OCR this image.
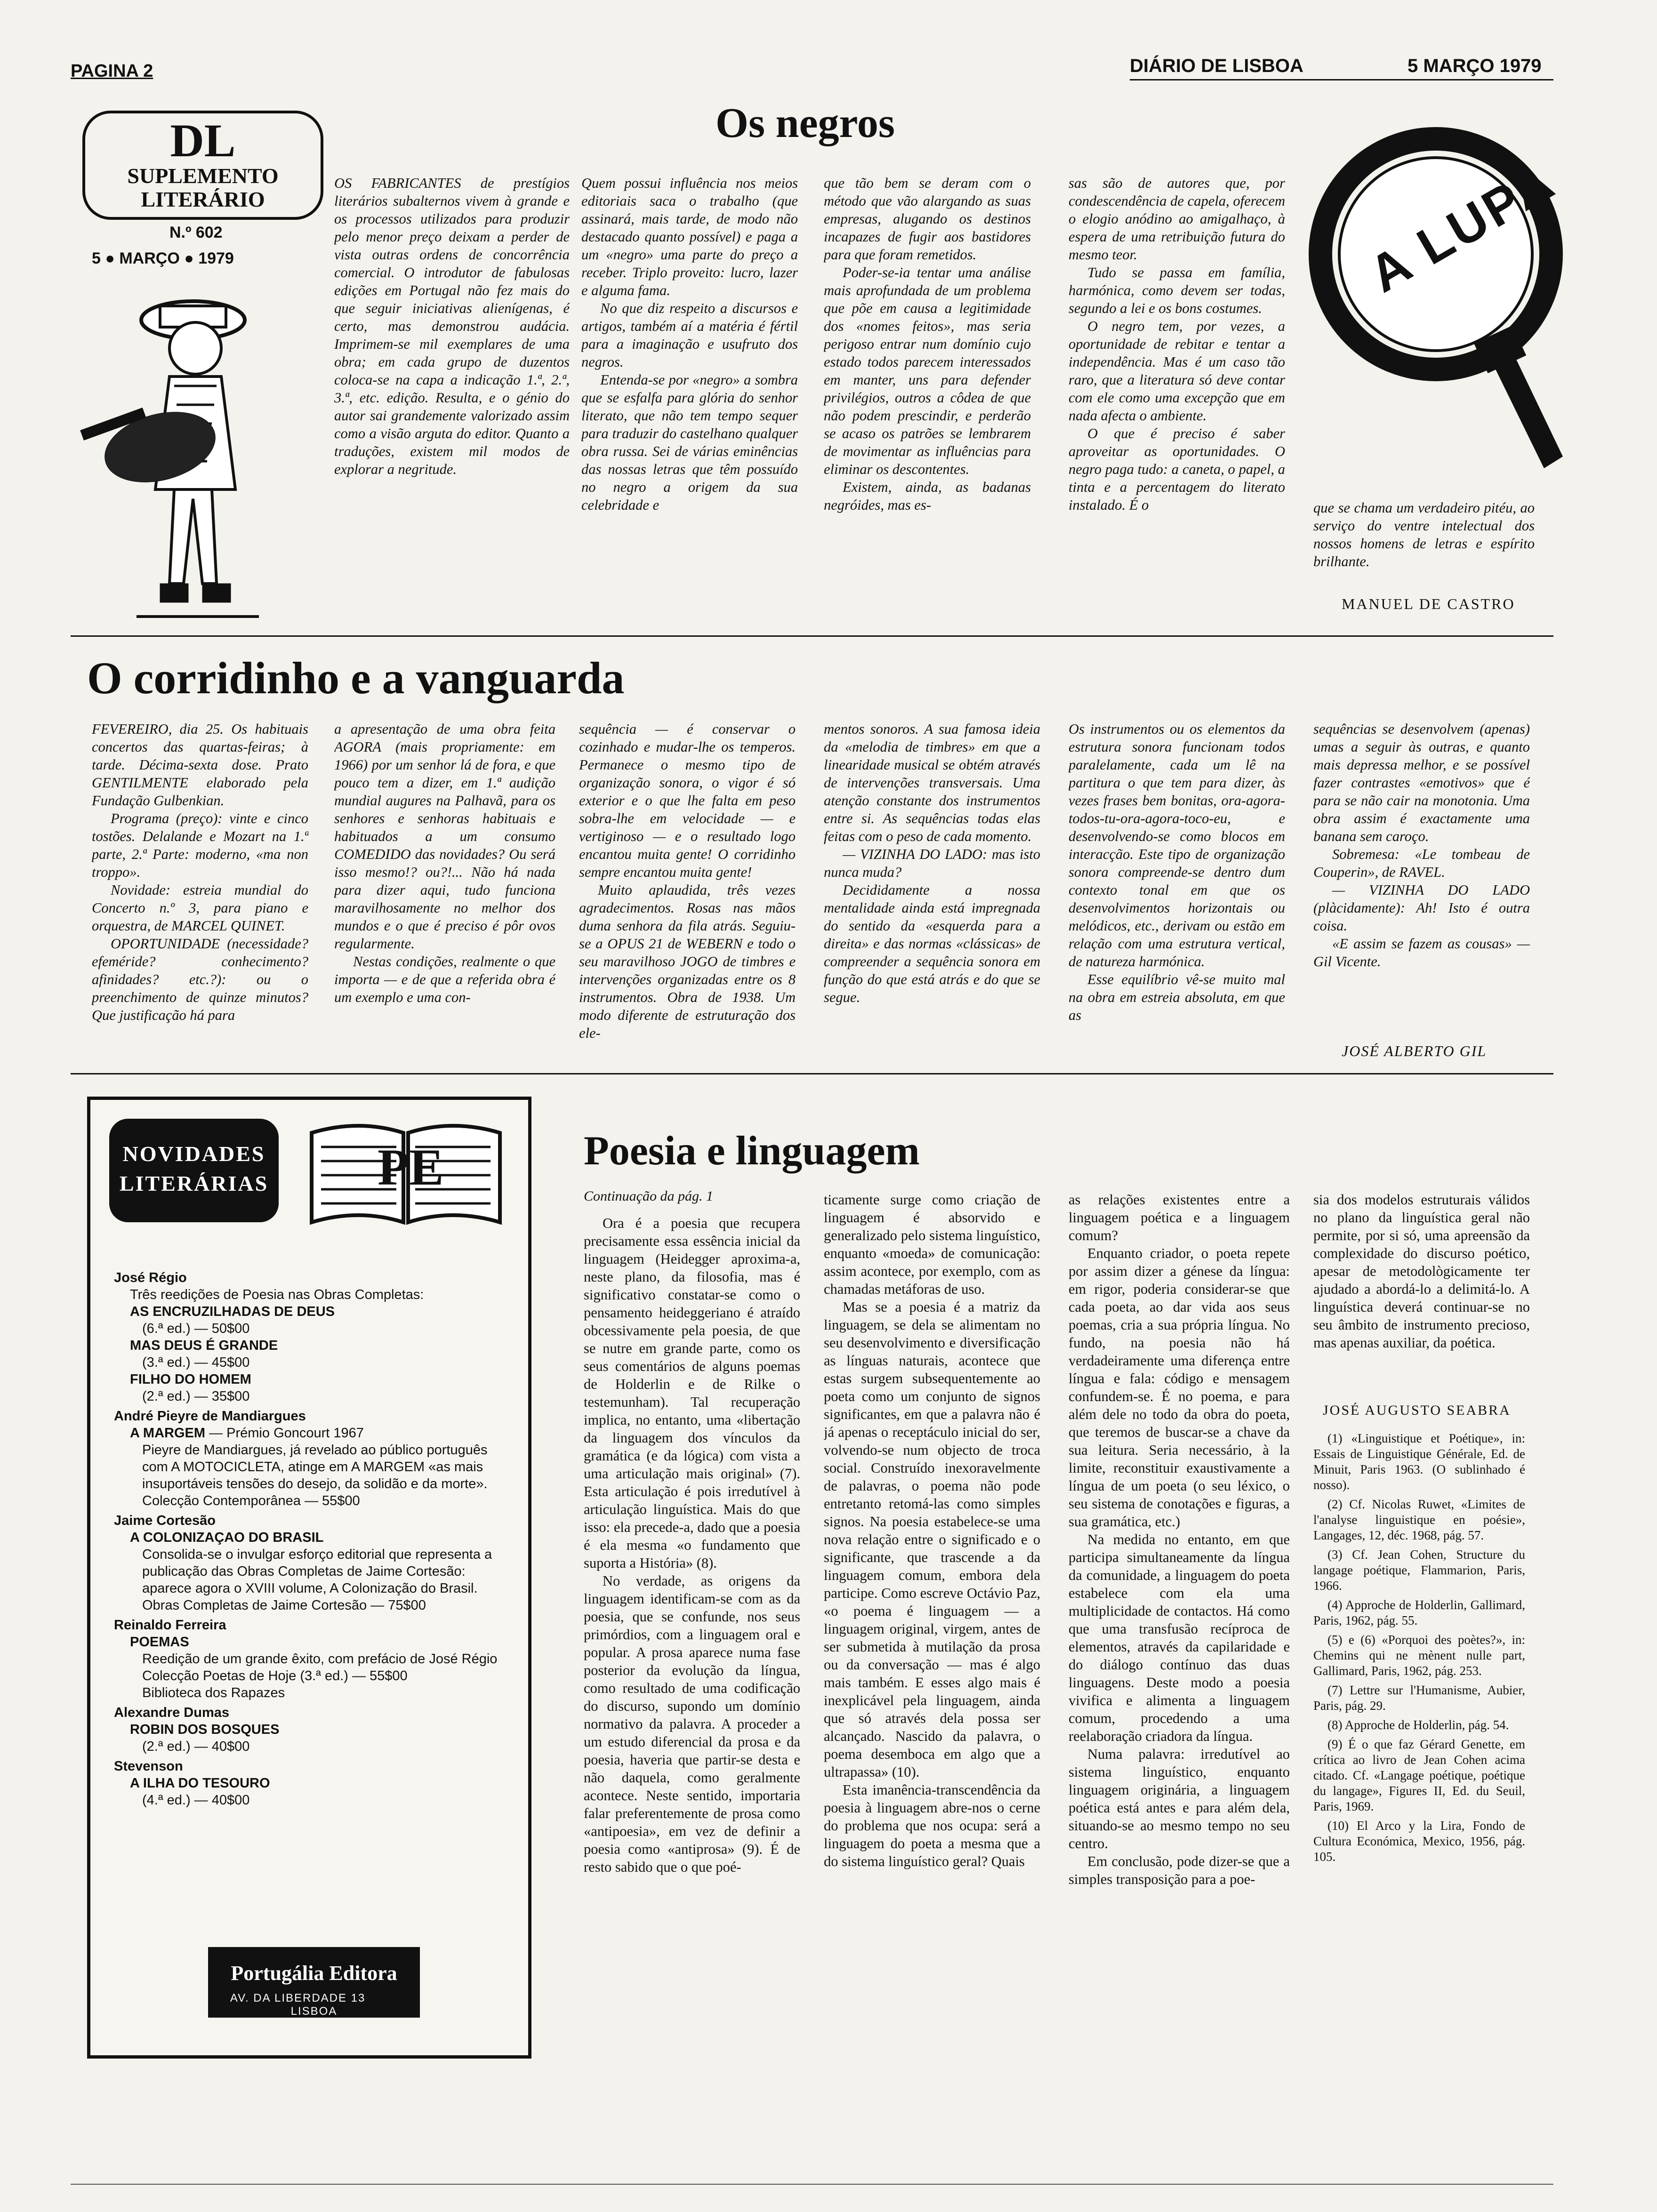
PAGINA 2	DIÁRIO DE LISBOA	5 MARÇO 1979
DL
SUPLEMENTO
LITERÁRIO
N.º 602
5 ● MARÇO ● 1979
Os negros

OS FABRICANTES de prestígios literários subalternos vivem à grande e os processos utilizados para produzir pelo menor preço deixam a perder de vista outras ordens de concorrência comercial. O introdutor de fabulosas edições em Portugal não fez mais do que seguir iniciativas alienígenas, é certo, mas demonstrou audácia. Imprimem-se mil exemplares de uma obra; em cada grupo de duzentos coloca-se na capa a indicação 1.ª, 2.ª, 3.ª, etc. edição. Resulta, e o génio do autor sai grandemente valorizado assim como a visão arguta do editor. Quanto a traduções, existem mil modos de explorar a negritude.

Quem possui influência nos meios editoriais saca o trabalho (que assinará, mais tarde, de modo não destacado quanto possível) e paga a um «negro» uma parte do preço a receber. Triplo proveito: lucro, lazer e alguma fama.

No que diz respeito a discursos e artigos, também aí a matéria é fértil para a imaginação e usufruto dos negros.

Entenda-se por «negro» a sombra que se esfalfa para glória do senhor literato, que não tem tempo sequer para traduzir do castelhano qualquer obra russa. Sei de várias eminências das nossas letras que têm possuído no negro a origem da sua celebridade e

que tão bem se deram com o método que vão alargando as suas empresas, alugando os destinos incapazes de fugir aos bastidores para que foram remetidos.

Poder-se-ia tentar uma análise mais aprofundada de um problema que põe em causa a legitimidade dos «nomes feitos», mas seria perigoso entrar num domínio cujo estado todos parecem interessados em manter, uns para defender privilégios, outros a côdea de que não podem prescindir, e perderão se acaso os patrões se lembrarem de movimentar as influências para eliminar os descontentes.

Existem, ainda, as badanas negróides, mas es-

sas são de autores que, por condescendência de capela, oferecem o elogio anódino ao amigalhaço, à espera de uma retribuição futura do mesmo teor.

Tudo se passa em família, harmónica, como devem ser todas, segundo a lei e os bons costumes.

O negro tem, por vezes, a oportunidade de rebitar e tentar a independência. Mas é um caso tão raro, que a literatura só deve contar com ele como uma excepção que em nada afecta o ambiente.

O que é preciso é saber aproveitar as oportunidades. O negro paga tudo: a caneta, o papel, a tinta e a percentagem do literato instalado. É o

A LUPA

que se chama um verdadeiro pitéu, ao serviço do ventre intelectual dos nossos homens de letras e espírito brilhante.

MANUEL DE CASTRO
O corridinho e a vanguarda

FEVEREIRO, dia 25. Os habituais concertos das quartas-feiras; à tarde. Décima-sexta dose. Prato GENTILMENTE elaborado pela Fundação Gulbenkian.

Programa (preço): vinte e cinco tostões. Delalande e Mozart na 1.ª parte, 2.ª Parte: moderno, «ma non troppo».

Novidade: estreia mundial do Concerto n.º 3, para piano e orquestra, de MARCEL QUINET.

OPORTUNIDADE (necessidade? efeméride? conhecimento? afinidades? etc.?): ou o preenchimento de quinze minutos? Que justificação há para

a apresentação de uma obra feita AGORA (mais propriamente: em 1966) por um senhor lá de fora, e que pouco tem a dizer, em 1.ª audição mundial augures na Palhavã, para os senhores e senhoras habituais e habituados a um consumo COMEDIDO das novidades? Ou será isso mesmo!? ou?!... Não há nada para dizer aqui, tudo funciona maravilhosamente no melhor dos mundos e o que é preciso é pôr ovos regularmente.

Nestas condições, realmente o que importa — e de que a referida obra é um exemplo e uma con-

sequência — é conservar o cozinhado e mudar-lhe os temperos. Permanece o mesmo tipo de organização sonora, o vigor é só exterior e o que lhe falta em peso sobra-lhe em velocidade — e vertiginoso — e o resultado logo encantou muita gente! O corridinho sempre encantou muita gente!

Muito aplaudida, três vezes agradecimentos. Rosas nas mãos duma senhora da fila atrás. Seguiu-se a OPUS 21 de WEBERN e todo o seu maravilhoso JOGO de timbres e intervenções organizadas entre os 8 instrumentos. Obra de 1938. Um modo diferente de estruturação dos ele-

mentos sonoros. A sua famosa ideia da «melodia de timbres» em que a linearidade musical se obtém através de intervenções transversais. Uma atenção constante dos instrumentos entre si. As sequências todas elas feitas com o peso de cada momento.

— VIZINHA DO LADO: mas isto nunca muda?

Decididamente a nossa mentalidade ainda está impregnada do sentido da «esquerda para a direita» e das normas «clássicas» de compreender a sequência sonora em função do que está atrás e do que se segue.

Os instrumentos ou os elementos da estrutura sonora funcionam todos paralelamente, cada um lê na partitura o que tem para dizer, às vezes frases bem bonitas, ora-agora-todos-tu-ora-agora-toco-eu, e desenvolvendo-se como blocos em interacção. Este tipo de organização sonora compreende-se dentro dum contexto tonal em que os desenvolvimentos horizontais ou melódicos, etc., derivam ou estão em relação com uma estrutura vertical, de natureza harmónica.

Esse equilíbrio vê-se muito mal na obra em estreia absoluta, em que as

sequências se desenvolvem (apenas) umas a seguir às outras, e quanto mais depressa melhor, e se possível fazer contrastes «emotivos» que é para se não cair na monotonia. Uma obra assim é exactamente uma banana sem caroço.

Sobremesa: «Le tombeau de Couperin», de RAVEL.

— VIZINHA DO LADO (plàcidamente): Ah! Isto é outra coisa.

«E assim se fazem as cousas» — Gil Vicente.

JOSÉ ALBERTO GIL
NOVIDADES
LITERÁRIAS PE
José Régio
Três reedições de Poesia nas Obras Completas:
AS ENCRUZILHADAS DE DEUS
(6.ª ed.) — 50$00
MAS DEUS É GRANDE
(3.ª ed.) — 45$00
FILHO DO HOMEM
(2.ª ed.) — 35$00
André Pieyre de Mandiargues
A MARGEM — Prémio Goncourt 1967
Pieyre de Mandiargues, já revelado ao público português com A MOTOCICLETA, atinge em A MARGEM «as mais insuportáveis tensões do desejo, da solidão e da morte».
Colecção Contemporânea — 55$00
Jaime Cortesão
A COLONIZAÇAO DO BRASIL
Consolida-se o invulgar esforço editorial que representa a publicação das Obras Completas de Jaime Cortesão: aparece agora o XVIII volume, A Colonização do Brasil.
Obras Completas de Jaime Cortesão — 75$00
Reinaldo Ferreira
POEMAS
Reedição de um grande êxito, com prefácio de José Régio
Colecção Poetas de Hoje (3.ª ed.) — 55$00
Biblioteca dos Rapazes
Alexandre Dumas
ROBIN DOS BOSQUES
(2.ª ed.) — 40$00
Stevenson
A ILHA DO TESOURO
(4.ª ed.) — 40$00
Portugália Editora
AV. DA LIBERDADE 13  LISBOA
Poesia e linguagem
Continuação da pág. 1

Ora é a poesia que recupera precisamente essa essência inicial da linguagem (Heidegger aproxima-a, neste plano, da filosofia, mas é significativo constatar-se como o pensamento heideggeriano é atraído obcessivamente pela poesia, de que se nutre em grande parte, como os seus comentários de alguns poemas de Holderlin e de Rilke o testemunham). Tal recuperação implica, no entanto, uma «libertação da linguagem dos vínculos da gramática (e da lógica) com vista a uma articulação mais original» (7). Esta articulação é pois irredutível à articulação linguística. Mais do que isso: ela precede-a, dado que a poesia é ela mesma «o fundamento que suporta a História» (8).

No verdade, as origens da linguagem identificam-se com as da poesia, que se confunde, nos seus primórdios, com a linguagem oral e popular. A prosa aparece numa fase posterior da evolução da língua, como resultado de uma codificação do discurso, supondo um domínio normativo da palavra. A proceder a um estudo diferencial da prosa e da poesia, haveria que partir-se desta e não daquela, como geralmente acontece. Neste sentido, importaria falar preferentemente de prosa como «antipoesia», em vez de definir a poesia como «antiprosa» (9). É de resto sabido que o que poé-

ticamente surge como criação de linguagem é absorvido e generalizado pelo sistema linguístico, enquanto «moeda» de comunicação: assim acontece, por exemplo, com as chamadas metáforas de uso.

Mas se a poesia é a matriz da linguagem, se dela se alimentam no seu desenvolvimento e diversificação as línguas naturais, acontece que estas surgem subsequentemente ao poeta como um conjunto de signos significantes, em que a palavra não é já apenas o receptáculo inicial do ser, volvendo-se num objecto de troca social. Construído inexoravelmente de palavras, o poema não pode entretanto retomá-las como simples signos. Na poesia estabelece-se uma nova relação entre o significado e o significante, que trascende a da linguagem comum, embora dela participe. Como escreve Octávio Paz, «o poema é linguagem — a linguagem original, virgem, antes de ser submetida à mutilação da prosa ou da conversação — mas é algo mais também. E esses algo mais é inexplicável pela linguagem, ainda que só através dela possa ser alcançado. Nascido da palavra, o poema desemboca em algo que a ultrapassa» (10).

Esta imanência-transcendência da poesia à linguagem abre-nos o cerne do problema que nos ocupa: será a linguagem do poeta a mesma que a do sistema linguístico geral? Quais

as relações existentes entre a linguagem poética e a linguagem comum?

Enquanto criador, o poeta repete por assim dizer a génese da língua: em rigor, poderia considerar-se que cada poeta, ao dar vida aos seus poemas, cria a sua própria língua. No fundo, na poesia não há verdadeiramente uma diferença entre língua e fala: código e mensagem confundem-se. É no poema, e para além dele no todo da obra do poeta, que teremos de buscar-se a chave da sua leitura. Seria necessário, à la limite, reconstituir exaustivamente a língua de um poeta (o seu léxico, o seu sistema de conotações e figuras, a sua gramática, etc.)

Na medida no entanto, em que participa simultaneamente da língua da comunidade, a linguagem do poeta estabelece com ela uma multiplicidade de contactos. Há como que uma transfusão recíproca de elementos, através da capilaridade e do diálogo contínuo das duas linguagens. Deste modo a poesia vivifica e alimenta a linguagem comum, procedendo a uma reelaboração criadora da língua.

Numa palavra: irredutível ao sistema linguístico, enquanto linguagem originária, a linguagem poética está antes e para além dela, situando-se ao mesmo tempo no seu centro.

Em conclusão, pode dizer-se que a simples transposição para a poe-

sia dos modelos estruturais válidos no plano da linguística geral não permite, por si só, uma apreensão da complexidade do discurso poético, apesar de metodològicamente ter ajudado a abordá-lo a delimitá-lo. A linguística deverá continuar-se no seu âmbito de instrumento precioso, mas apenas auxiliar, da poética.

JOSÉ AUGUSTO SEABRA

(1) «Linguistique et Poétique», in: Essais de Linguistique Générale, Ed. de Minuit, Paris 1963. (O sublinhado é nosso).

(2) Cf. Nicolas Ruwet, «Limites de l'analyse linguistique en poésie», Langages, 12, déc. 1968, pág. 57.

(3) Cf. Jean Cohen, Structure du langage poétique, Flammarion, Paris, 1966.

(4) Approche de Holderlin, Gallimard, Paris, 1962, pág. 55.

(5) e (6) «Porquoi des poètes?», in: Chemins qui ne mènent nulle part, Gallimard, Paris, 1962, pág. 253.

(7) Lettre sur l'Humanisme, Aubier, Paris, pág. 29.

(8) Approche de Holderlin, pág. 54.

(9) É o que faz Gérard Genette, em crítica ao livro de Jean Cohen acima citado. Cf. «Langage poétique, poétique du langage», Figures II, Ed. du Seuil, Paris, 1969.

(10) El Arco y la Lira, Fondo de Cultura Económica, Mexico, 1956, pág. 105.
